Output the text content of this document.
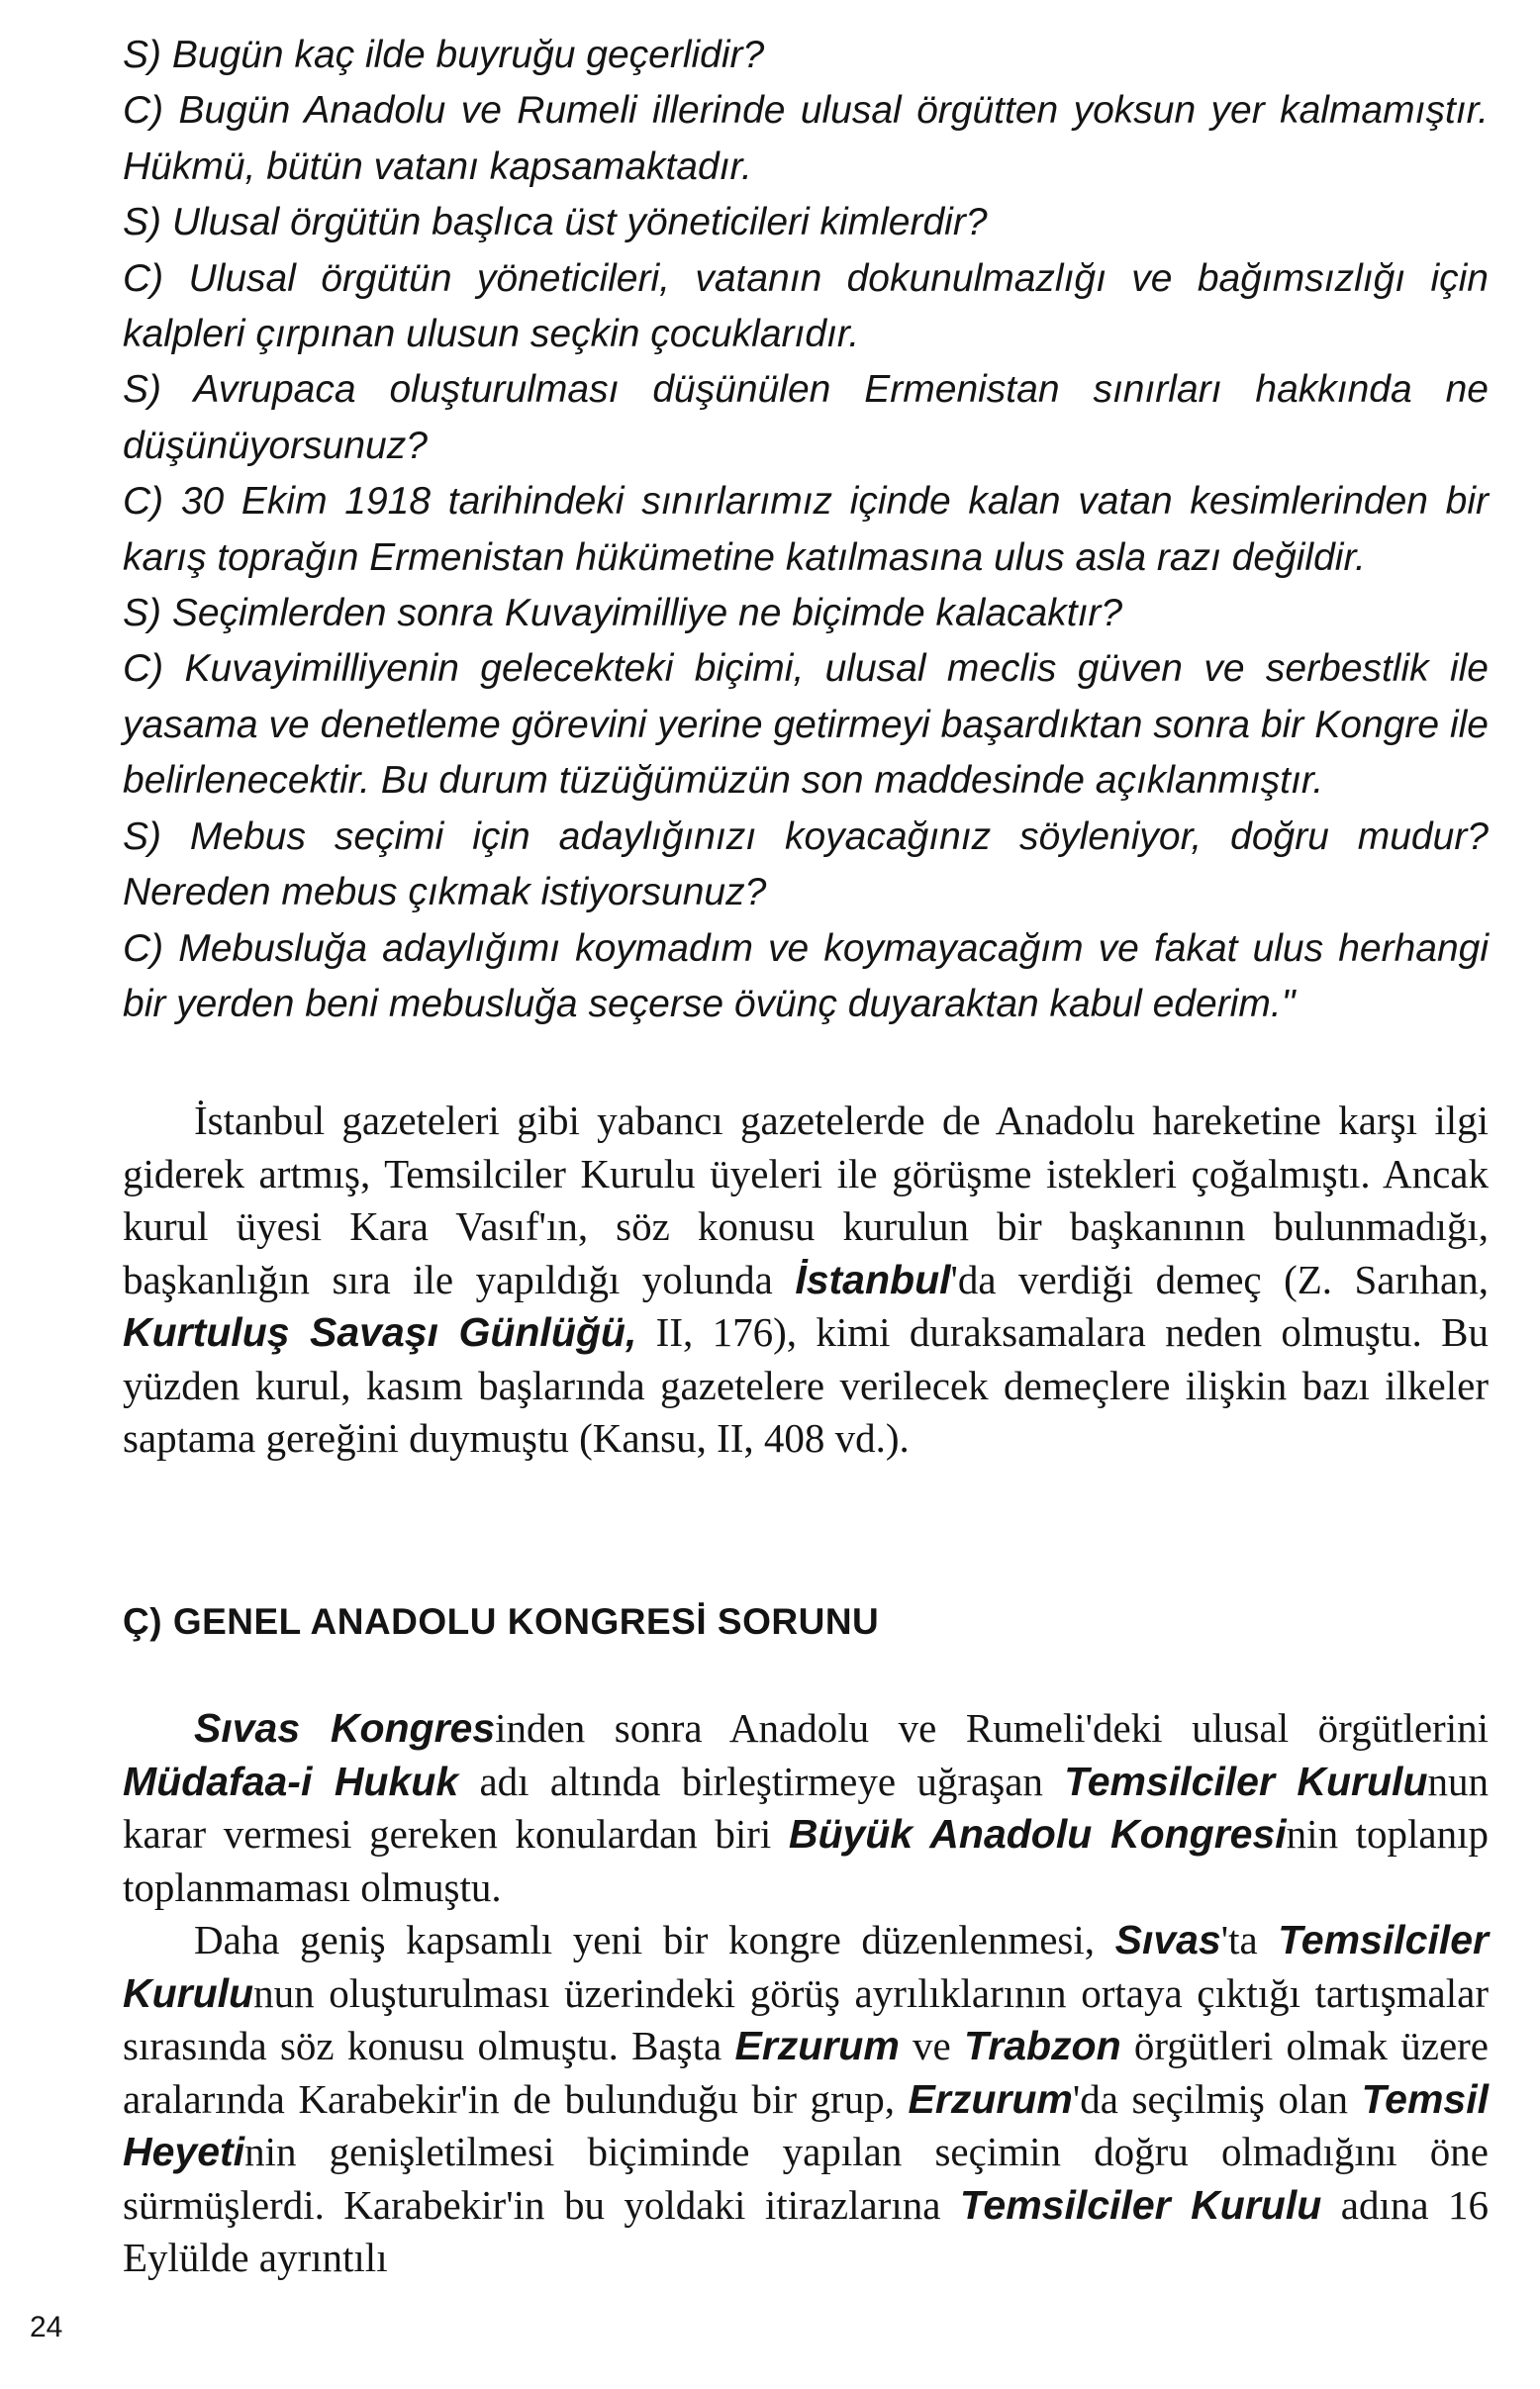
S) Bugün kaç ilde buyruğu geçerlidir?

C) Bugün Anadolu ve Rumeli illerinde ulusal örgütten yoksun yer kalmamıştır. Hükmü, bütün vatanı kapsamaktadır.

S) Ulusal örgütün başlıca üst yöneticileri kimlerdir?

C) Ulusal örgütün yöneticileri, vatanın dokunulmazlığı ve bağımsızlığı için kalpleri çırpınan ulusun seçkin çocuklarıdır.

S) Avrupaca oluşturulması düşünülen Ermenistan sınırları hakkında ne düşünüyorsunuz?

C) 30 Ekim 1918 tarihindeki sınırlarımız içinde kalan vatan kesimlerinden bir karış toprağın Ermenistan hükümetine katılmasına ulus asla razı değildir.

S) Seçimlerden sonra Kuvayimilliye ne biçimde kalacaktır?

C) Kuvayimilliyenin gelecekteki biçimi, ulusal meclis güven ve serbestlik ile yasama ve denetleme görevini yerine getirmeyi başardıktan sonra bir Kongre ile belirlenecektir. Bu durum tüzüğümüzün son maddesinde açıklanmıştır.

S) Mebus seçimi için adaylığınızı koyacağınız söyleniyor, doğru mudur? Nereden mebus çıkmak istiyorsunuz?

C) Mebusluğa adaylığımı koymadım ve koymayacağım ve fakat ulus herhangi bir yerden beni mebusluğa seçerse övünç duyaraktan kabul ederim."

İstanbul gazeteleri gibi yabancı gazetelerde de Anadolu hareketine karşı ilgi giderek artmış, Temsilciler Kurulu üyeleri ile görüşme istekleri çoğalmıştı. Ancak kurul üyesi Kara Vasıf'ın, söz konusu kurulun bir başkanının bulunmadığı, başkanlığın sıra ile yapıldığı yolunda İstanbul'da verdiği demeç (Z. Sarıhan, Kurtuluş Savaşı Günlüğü, II, 176), kimi duraksamalara neden olmuştu. Bu yüzden kurul, kasım başlarında gazetelere verilecek demeçlere ilişkin bazı ilkeler saptama gereğini duymuştu (Kansu, II, 408 vd.).

Ç) GENEL ANADOLU KONGRESİ SORUNU

Sıvas Kongresinden sonra Anadolu ve Rumeli'deki ulusal örgütlerini Müdafaa-i Hukuk adı altında birleştirmeye uğraşan Temsilciler Kurulunun karar vermesi gereken konulardan biri Büyük Anadolu Kongresinin toplanıp toplanmaması olmuştu.

Daha geniş kapsamlı yeni bir kongre düzenlenmesi, Sıvas'ta Temsilciler Kurulunun oluşturulması üzerindeki görüş ayrılıklarının ortaya çıktığı tartışmalar sırasında söz konusu olmuştu. Başta Erzurum ve Trabzon örgütleri olmak üzere aralarında Karabekir'in de bulunduğu bir grup, Erzurum'da seçilmiş olan Temsil Heyetinin genişletilmesi biçiminde yapılan seçimin doğru olmadığını öne sürmüşlerdi. Karabekir'in bu yoldaki itirazlarına Temsilciler Kurulu adına 16 Eylülde ayrıntılı

24
